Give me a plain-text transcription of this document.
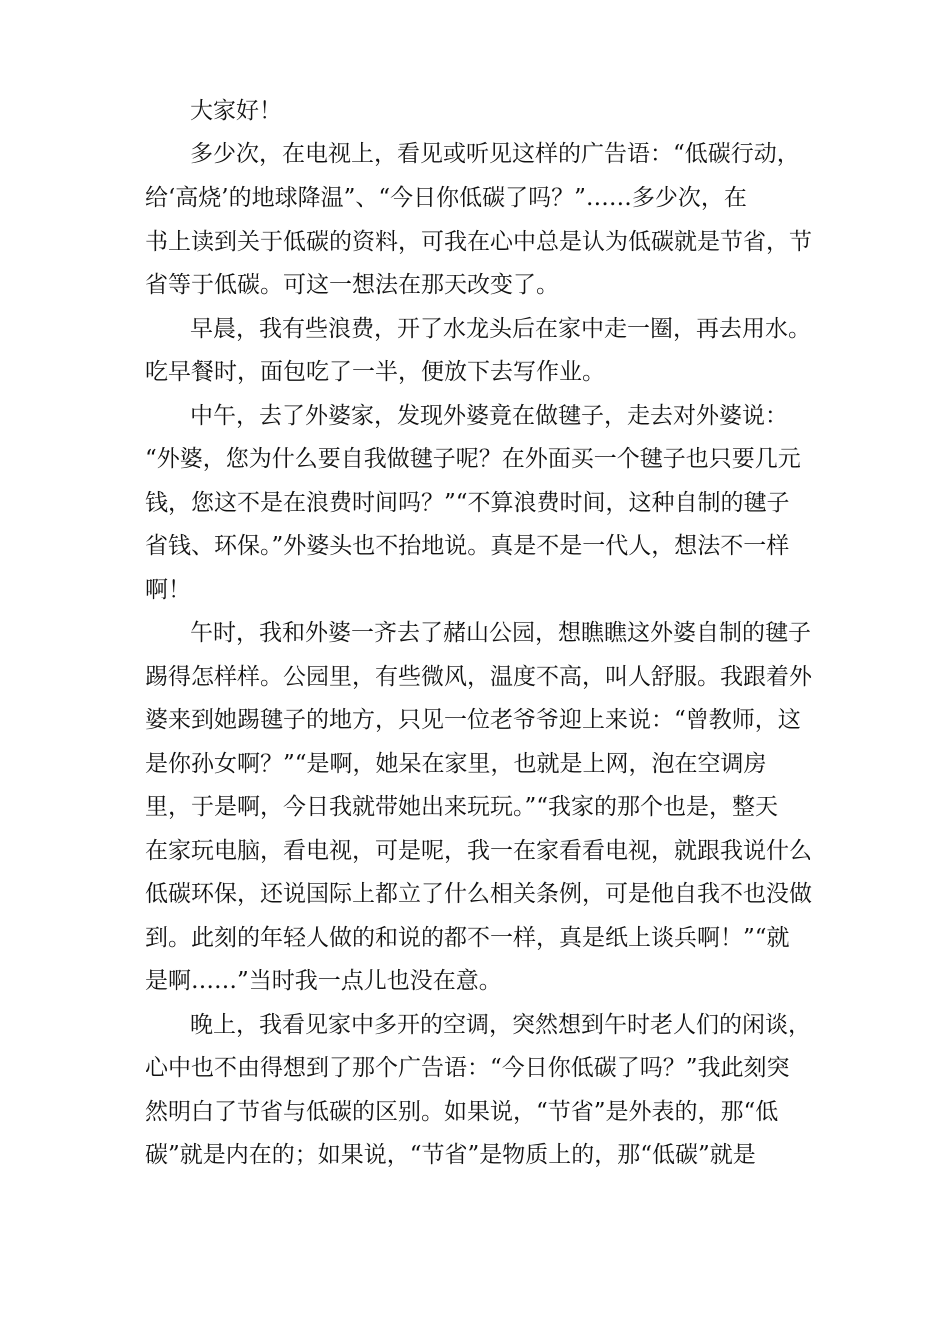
大家好！
多少次，在电视上，看见或听见这样的广告语：“低碳行动，
给‘高烧’的地球降温”、“今日你低碳了吗？”……多少次，在
书上读到关于低碳的资料，可我在心中总是认为低碳就是节省，节
省等于低碳。可这一想法在那天改变了。
早晨，我有些浪费，开了水龙头后在家中走一圈，再去用水。
吃早餐时，面包吃了一半，便放下去写作业。
中午，去了外婆家，发现外婆竟在做毽子，走去对外婆说：
“外婆，您为什么要自我做毽子呢？在外面买一个毽子也只要几元
钱，您这不是在浪费时间吗？”“不算浪费时间，这种自制的毽子
省钱、环保。”外婆头也不抬地说。真是不是一代人，想法不一样
啊！
午时，我和外婆一齐去了赭山公园，想瞧瞧这外婆自制的毽子
踢得怎样样。公园里，有些微风，温度不高，叫人舒服。我跟着外
婆来到她踢毽子的地方，只见一位老爷爷迎上来说：“曾教师，这
是你孙女啊？”“是啊，她呆在家里，也就是上网，泡在空调房
里，于是啊，今日我就带她出来玩玩。”“我家的那个也是，整天
在家玩电脑，看电视，可是呢，我一在家看看电视，就跟我说什么
低碳环保，还说国际上都立了什么相关条例，可是他自我不也没做
到。此刻的年轻人做的和说的都不一样，真是纸上谈兵啊！”“就
是啊……”当时我一点儿也没在意。
晚上，我看见家中多开的空调，突然想到午时老人们的闲谈，
心中也不由得想到了那个广告语：“今日你低碳了吗？”我此刻突
然明白了节省与低碳的区别。如果说，“节省”是外表的，那“低
碳”就是内在的；如果说，“节省”是物质上的，那“低碳”就是
